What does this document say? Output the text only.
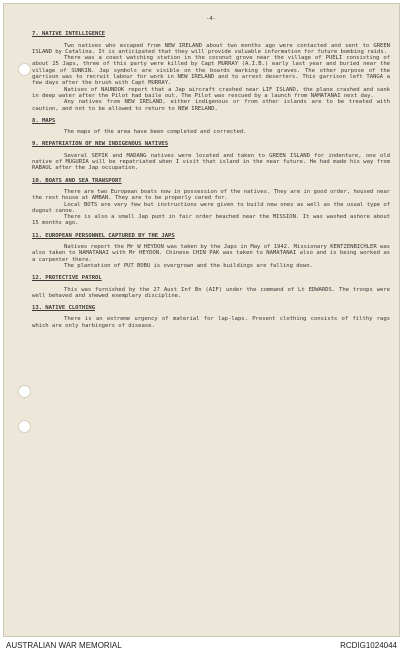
-4-
7. NATIVE INTELLIGENCE
Two natives who escaped from NEW IRELAND about two months ago were contacted and sent to GREEN ISLAND by Catalina. It is anticipated that they will provide valuable information for future bombing raids.
There was a coast watching station in the coconut grove near the village of PUELI consisting of about 25 Japs, three of this party were killed by Capt MURRAY (A.I.B.) early last year and buried near the village of SUNKIN. Jap symbols are visible on the boards marking the graves. The other purpose of the garrison was to recruit labour for work in NEW IRELAND and to arrest deserters. This garrison left TANGA a few days after the brush with Capt MURRAY.
Natives of NAUNDOK report that a Jap aircraft crashed near LIF ISLAND, the plane crashed and sank in deep water after the Pilot had baile out. The Pilot was rescued by a launch from NAMATANAI next day.
Any natives from NEW IRELAND, either indigenous or from other islands are to be treated with caution, and not to be allowed to return to NEW IRELAND.
8. MAPS
The maps of the area have been completed and corrected.
9. REPATRIATION OF NEW INDIGENOUS NATIVES
Several SEPIK and MADANG natives were located and taken to GREEN ISLAND for indenture, one old native of MUGURIA will be repatriated when I visit that island in the near future. He had made his way from RABAUL after the Jap occupation.
10. BOATS AND SEA TRANSPORT
There are two European boats now in possession of the natives. They are in good order, housed near the rest house at AMBAN. They are to be properly cared for.
Local BOTS are very few but instructions were given to build new ones as well as the usual type of dugout canoe.
There is also a small Jap punt in fair order beached near the MISSION. It was washed ashore about 15 months ago.
11. EUROPEAN PERSONNEL CAPTURED BY THE JAPS
Natives report the Mr W HEYDON was taken by the Japs in May of 1942. Missionary KENTZENBICHLER was also taken to NAMATANAI with Mr HEYDON. Chinese CHIN PAK was taken to NAMATANAI also and is being worked as a carpenter there.
The plantation of PUT BOBU is overgrown and the buildings are falling down.
12. PROTECTIVE PATROL
This was furnished by the 27 Aust Inf Bn (AIF) under the command of Lt EDWARDS. The troops were well behaved and shewed exemplary discipline.
13. NATIVE CLOTHING
There is an extreme urgency of material for lap-laps. Present clothing consists of filthy rags which are only harbingers of disease.
AUSTRALIAN WAR MEMORIAL	RCDIG1024044
